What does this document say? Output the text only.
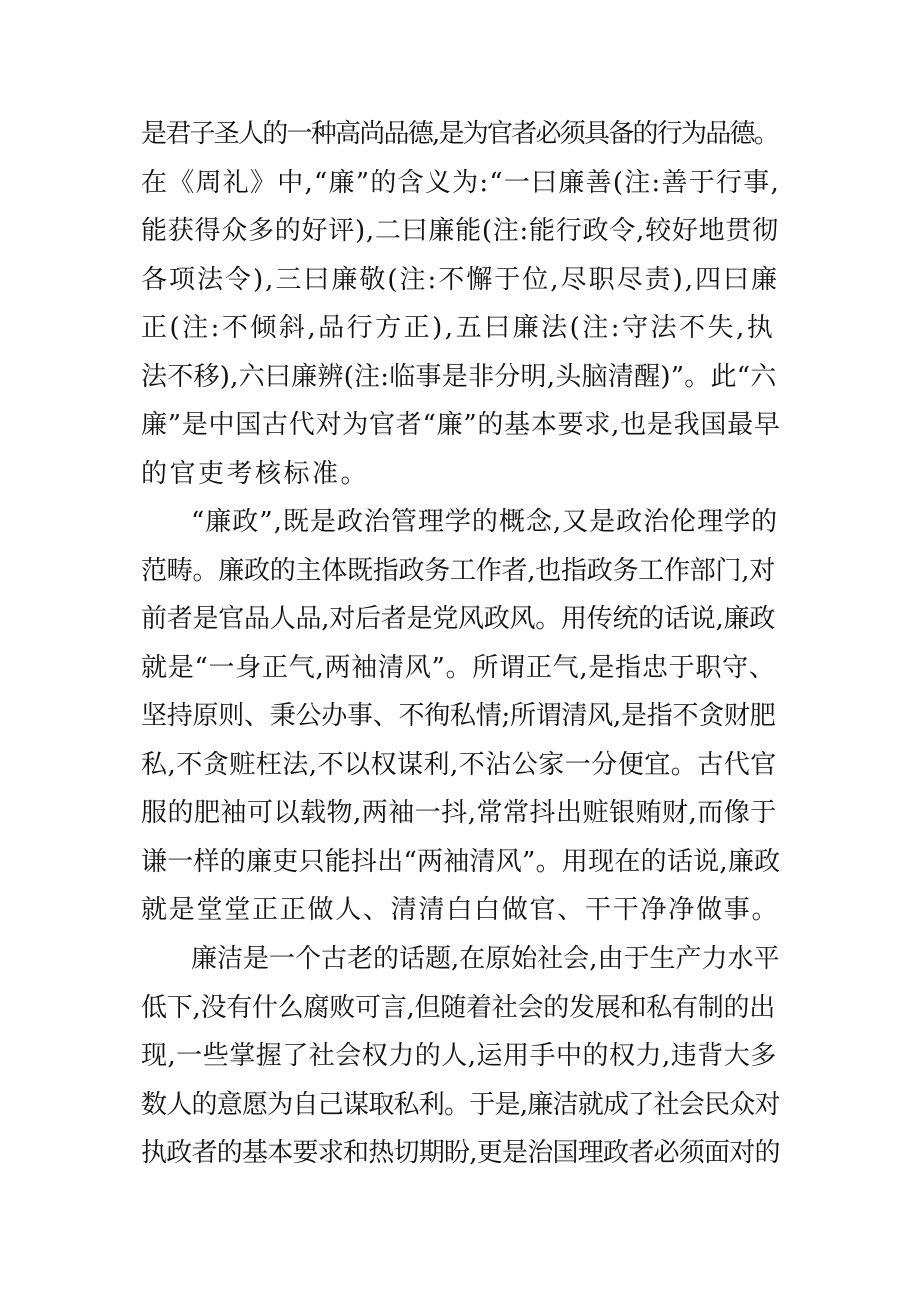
是君子圣人的一种高尚品德,是为官者必须具备的行为品德。
在《周礼》中,“廉”的含义为:“一曰廉善(注:善于行事,
能获得众多的好评),二曰廉能(注:能行政令,较好地贯彻
各项法令),三曰廉敬(注:不懈于位,尽职尽责),四曰廉
正(注:不倾斜,品行方正),五曰廉法(注:守法不失,执
法不移),六曰廉辨(注:临事是非分明,头脑清醒)”。此“六
廉”是中国古代对为官者“廉”的基本要求,也是我国最早
的官吏考核标准。

“廉政”,既是政治管理学的概念,又是政治伦理学的
范畴。廉政的主体既指政务工作者,也指政务工作部门,对
前者是官品人品,对后者是党风政风。用传统的话说,廉政
就是“一身正气,两袖清风”。所谓正气,是指忠于职守、
坚持原则、秉公办事、不徇私情;所谓清风,是指不贪财肥
私,不贪赃枉法,不以权谋利,不沾公家一分便宜。古代官
服的肥袖可以载物,两袖一抖,常常抖出赃银贿财,而像于
谦一样的廉吏只能抖出“两袖清风”。用现在的话说,廉政
就是堂堂正正做人、清清白白做官、干干净净做事。

廉洁是一个古老的话题,在原始社会,由于生产力水平
低下,没有什么腐败可言,但随着社会的发展和私有制的出
现,一些掌握了社会权力的人,运用手中的权力,违背大多
数人的意愿为自己谋取私利。于是,廉洁就成了社会民众对
执政者的基本要求和热切期盼,更是治国理政者必须面对的
